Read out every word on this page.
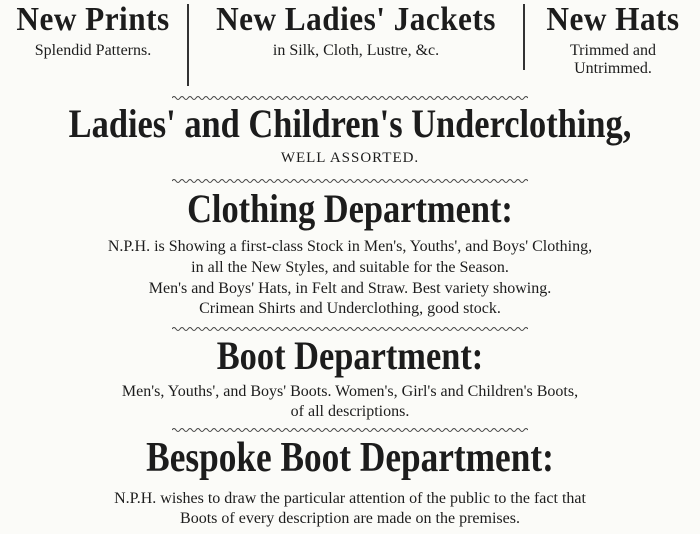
New Prints
Splendid Patterns.
New Ladies' Jackets
in Silk, Cloth, Lustre, &c.
New Hats
Trimmed and
Untrimmed.
Ladies' and Children's Underclothing,
WELL ASSORTED.
Clothing Department:
N.P.H. is Showing a first-class Stock in Men's, Youths', and Boys' Clothing,
in all the New Styles, and suitable for the Season.
Men's and Boys' Hats, in Felt and Straw. Best variety showing.
Crimean Shirts and Underclothing, good stock.
Boot Department:
Men's, Youths', and Boys' Boots. Women's, Girl's and Children's Boots,
of all descriptions.
Bespoke Boot Department:
N.P.H. wishes to draw the particular attention of the public to the fact that
Boots of every description are made on the premises.
